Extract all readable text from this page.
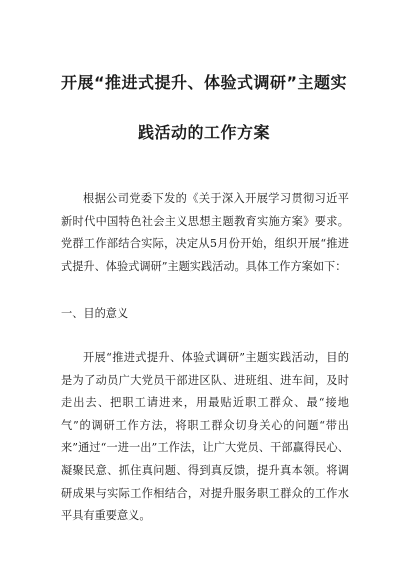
开展“推进式提升、体验式调研”主题实
践活动的工作方案

根据公司党委下发的《关于深入开展学习贯彻习近平新时代中国特色社会主义思想主题教育实施方案》要求。党群工作部结合实际，决定从5月份开始，组织开展“推进式提升、体验式调研”主题实践活动。具体工作方案如下：

一、目的意义

开展“推进式提升、体验式调研”主题实践活动，目的是为了动员广大党员干部进区队、进班组、进车间，及时走出去、把职工请进来，用最贴近职工群众、最“接地气”的调研工作方法，将职工群众切身关心的问题“带出来”通过“一进一出”工作法，让广大党员、干部赢得民心、凝聚民意、抓住真问题、得到真反馈，提升真本领。将调研成果与实际工作相结合，对提升服务职工群众的工作水平具有重要意义。
